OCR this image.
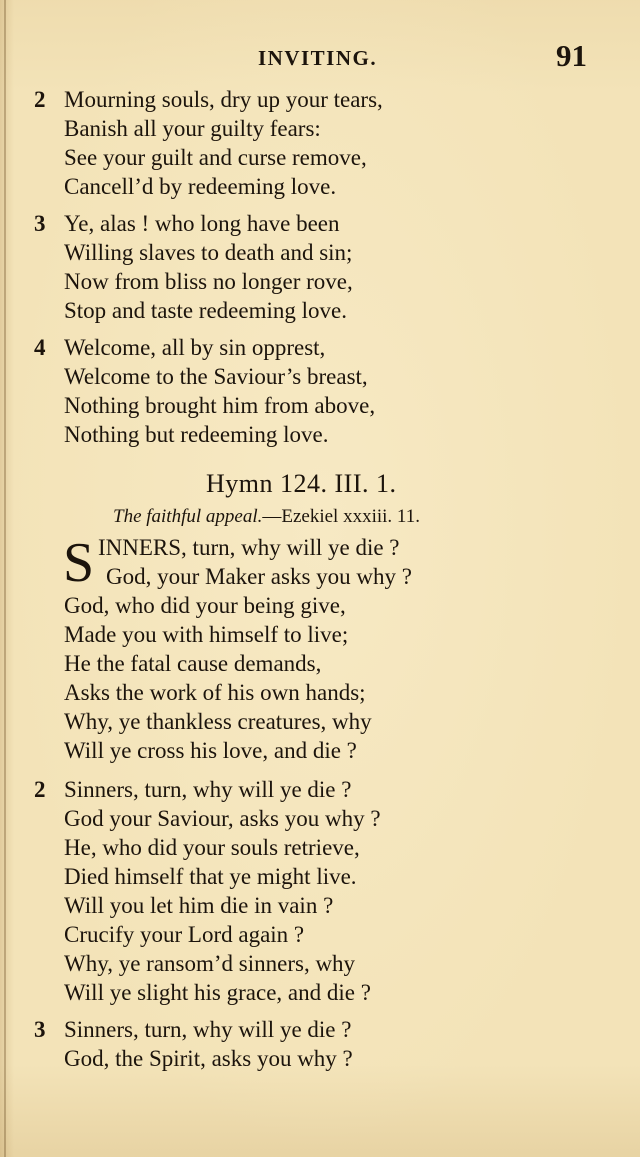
INVITING.	91
2 Mourning souls, dry up your tears,
Banish all your guilty fears:
See your guilt and curse remove,
Cancell’d by redeeming love.
3 Ye, alas ! who long have been
Willing slaves to death and sin;
Now from bliss no longer rove,
Stop and taste redeeming love.
4 Welcome, all by sin opprest,
Welcome to the Saviour’s breast,
Nothing brought him from above,
Nothing but redeeming love.
Hymn 124. III. 1.
The faithful appeal.—Ezekiel xxxiii. 11.
S INNERS, turn, why will ye die ?
God, your Maker asks you why ?
God, who did your being give,
Made you with himself to live;
He the fatal cause demands,
Asks the work of his own hands;
Why, ye thankless creatures, why
Will ye cross his love, and die ?
2 Sinners, turn, why will ye die ?
God your Saviour, asks you why ?
He, who did your souls retrieve,
Died himself that ye might live.
Will you let him die in vain ?
Crucify your Lord again ?
Why, ye ransom’d sinners, why
Will ye slight his grace, and die ?
3 Sinners, turn, why will ye die ?
God, the Spirit, asks you why ?
